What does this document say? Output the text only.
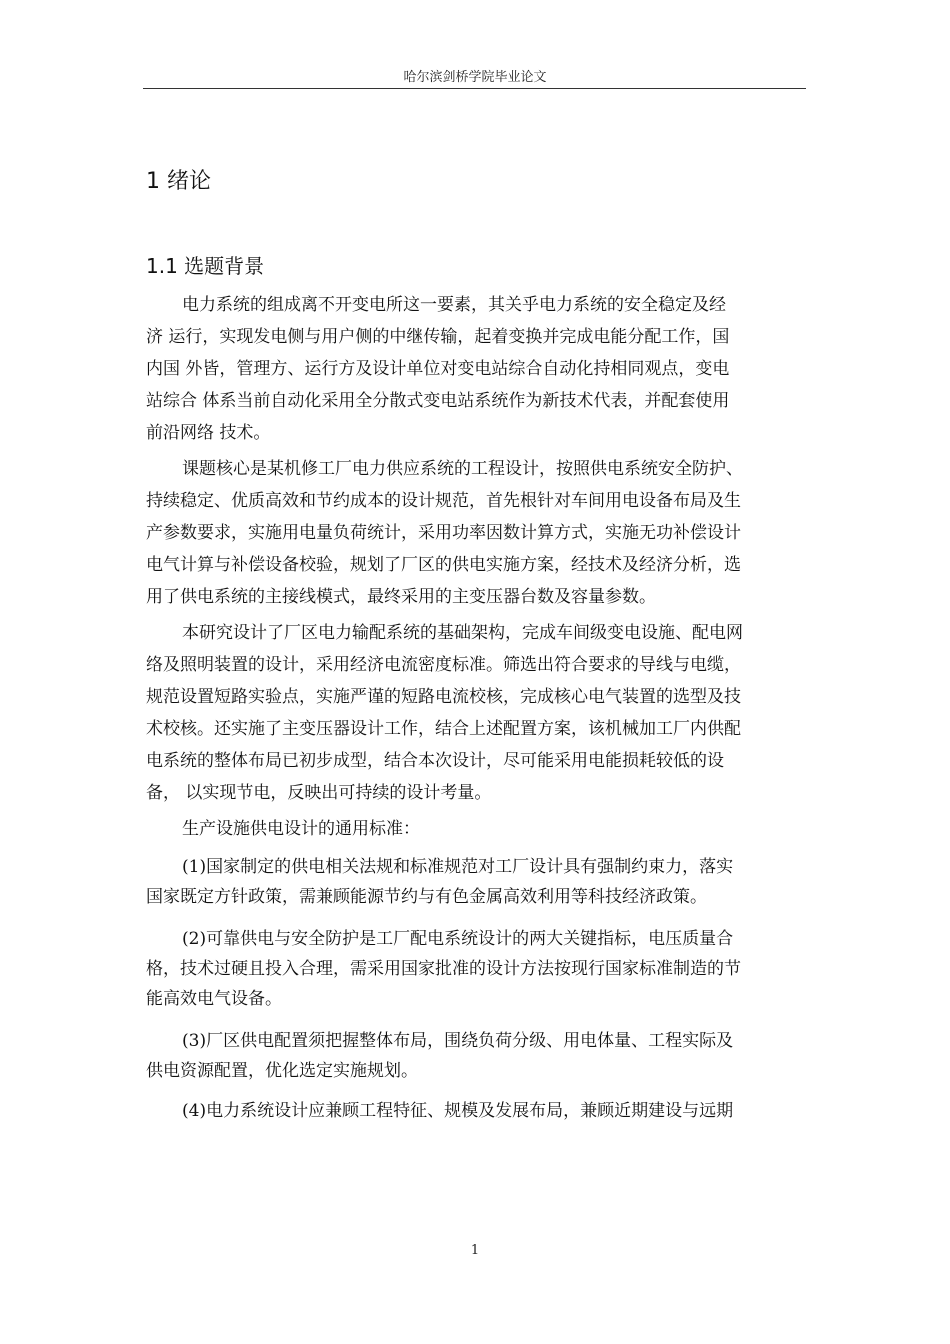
哈尔滨剑桥学院毕业论文
1 绪论
1.1 选题背景
电力系统的组成离不开变电所这一要素，其关乎电力系统的安全稳定及经
济 运行，实现发电侧与用户侧的中继传输，起着变换并完成电能分配工作，国
内国 外皆，管理方、运行方及设计单位对变电站综合自动化持相同观点，变电
站综合 体系当前自动化采用全分散式变电站系统作为新技术代表，并配套使用
前沿网络 技术。
课题核心是某机修工厂电力供应系统的工程设计，按照供电系统安全防护、
持续稳定、优质高效和节约成本的设计规范，首先根针对车间用电设备布局及生
产参数要求，实施用电量负荷统计，采用功率因数计算方式，实施无功补偿设计
电气计算与补偿设备校验，规划了厂区的供电实施方案，经技术及经济分析，选
用了供电系统的主接线模式，最终采用的主变压器台数及容量参数。
本研究设计了厂区电力输配系统的基础架构，完成车间级变电设施、配电网
络及照明装置的设计，采用经济电流密度标准。筛选出符合要求的导线与电缆，
规范设置短路实验点，实施严谨的短路电流校核，完成核心电气装置的选型及技
术校核。还实施了主变压器设计工作，结合上述配置方案，该机械加工厂内供配
电系统的整体布局已初步成型，结合本次设计，尽可能采用电能损耗较低的设
备， 以实现节电，反映出可持续的设计考量。
生产设施供电设计的通用标准：
(1)国家制定的供电相关法规和标准规范对工厂设计具有强制约束力，落实
国家既定方针政策，需兼顾能源节约与有色金属高效利用等科技经济政策。
(2)可靠供电与安全防护是工厂配电系统设计的两大关键指标，电压质量合
格，技术过硬且投入合理，需采用国家批准的设计方法按现行国家标准制造的节
能高效电气设备。
(3)厂区供电配置须把握整体布局，围绕负荷分级、用电体量、工程实际及
供电资源配置，优化选定实施规划。
(4)电力系统设计应兼顾工程特征、规模及发展布局，兼顾近期建设与远期
1
